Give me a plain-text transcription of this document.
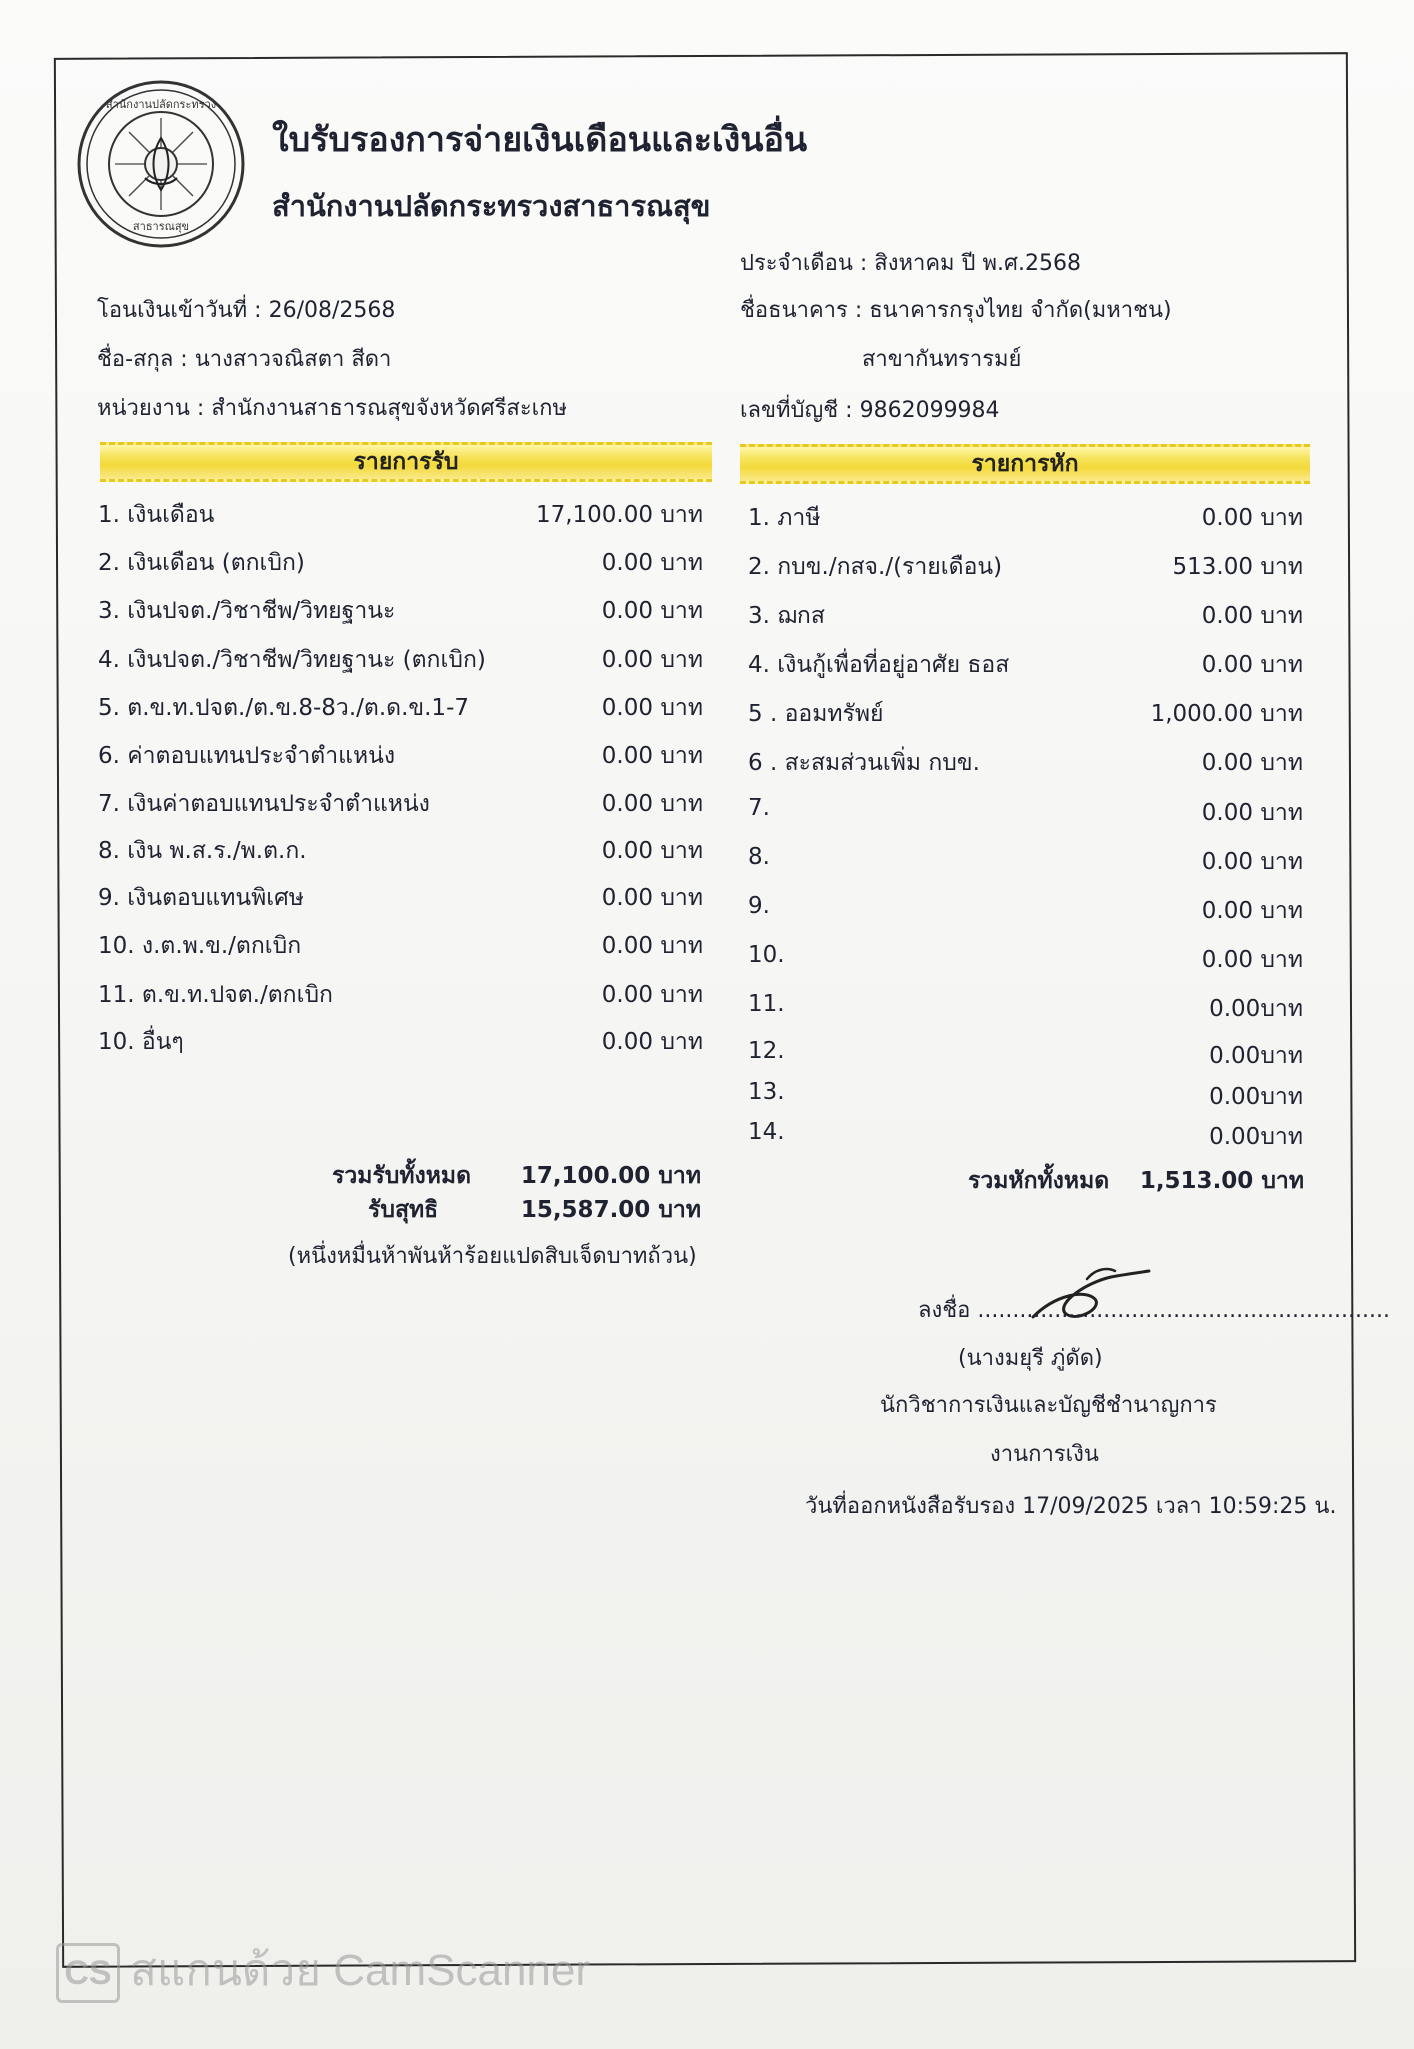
สำนักงานปลัดกระทรวง
สาธารณสุข
ใบรับรองการจ่ายเงินเดือนและเงินอื่น
สำนักงานปลัดกระทรวงสาธารณสุข
ประจำเดือน : สิงหาคม ปี พ.ศ.2568
โอนเงินเข้าวันที่ : 26/08/2568	ชื่อธนาคาร : ธนาคารกรุงไทย จำกัด(มหาชน)
ชื่อ-สกุล : นางสาวจณิสตา สีดา	สาขากันทรารมย์
หน่วยงาน : สำนักงานสาธารณสุขจังหวัดศรีสะเกษ	เลขที่บัญชี : 9862099984
รายการรับ	รายการหัก
1. เงินเดือน	17,100.00 บาท
2. เงินเดือน (ตกเบิก)	0.00 บาท
3. เงินปจต./วิชาชีพ/วิทยฐานะ	0.00 บาท
4. เงินปจต./วิชาชีพ/วิทยฐานะ (ตกเบิก)	0.00 บาท
5. ต.ข.ท.ปจต./ต.ข.8-8ว./ต.ด.ข.1-7	0.00 บาท
6. ค่าตอบแทนประจำตำแหน่ง	0.00 บาท
7. เงินค่าตอบแทนประจำตำแหน่ง	0.00 บาท
8. เงิน พ.ส.ร./พ.ต.ก.	0.00 บาท
9. เงินตอบแทนพิเศษ	0.00 บาท
10. ง.ต.พ.ข./ตกเบิก	0.00 บาท
11. ต.ข.ท.ปจต./ตกเบิก	0.00 บาท
10. อื่นๆ	0.00 บาท
1. ภาษี	0.00 บาท
2. กบข./กสจ./(รายเดือน)	513.00 บาท
3. ฌกส	0.00 บาท
4. เงินกู้เพื่อที่อยู่อาศัย ธอส	0.00 บาท
5 . ออมทรัพย์	1,000.00 บาท
6 . สะสมส่วนเพิ่ม กบข.	0.00 บาท
7.	0.00 บาท
8.	0.00 บาท
9.	0.00 บาท
10.	0.00 บาท
11.	0.00บาท
12.	0.00บาท
13.	0.00บาท
14.	0.00บาท
รวมรับทั้งหมด 17,100.00 บาท
รับสุทธิ	15,587.00 บาท
(หนึ่งหมื่นห้าพันห้าร้อยแปดสิบเจ็ดบาทถ้วน)
รวมหักทั้งหมด 1,513.00 บาท
ลงชื่อ ...........................................................
(นางมยุรี ภู่ดัด)
นักวิชาการเงินและบัญชีชำนาญการ
งานการเงิน
วันที่ออกหนังสือรับรอง 17/09/2025 เวลา 10:59:25 น.
CS สแกนด้วย CamScanner
